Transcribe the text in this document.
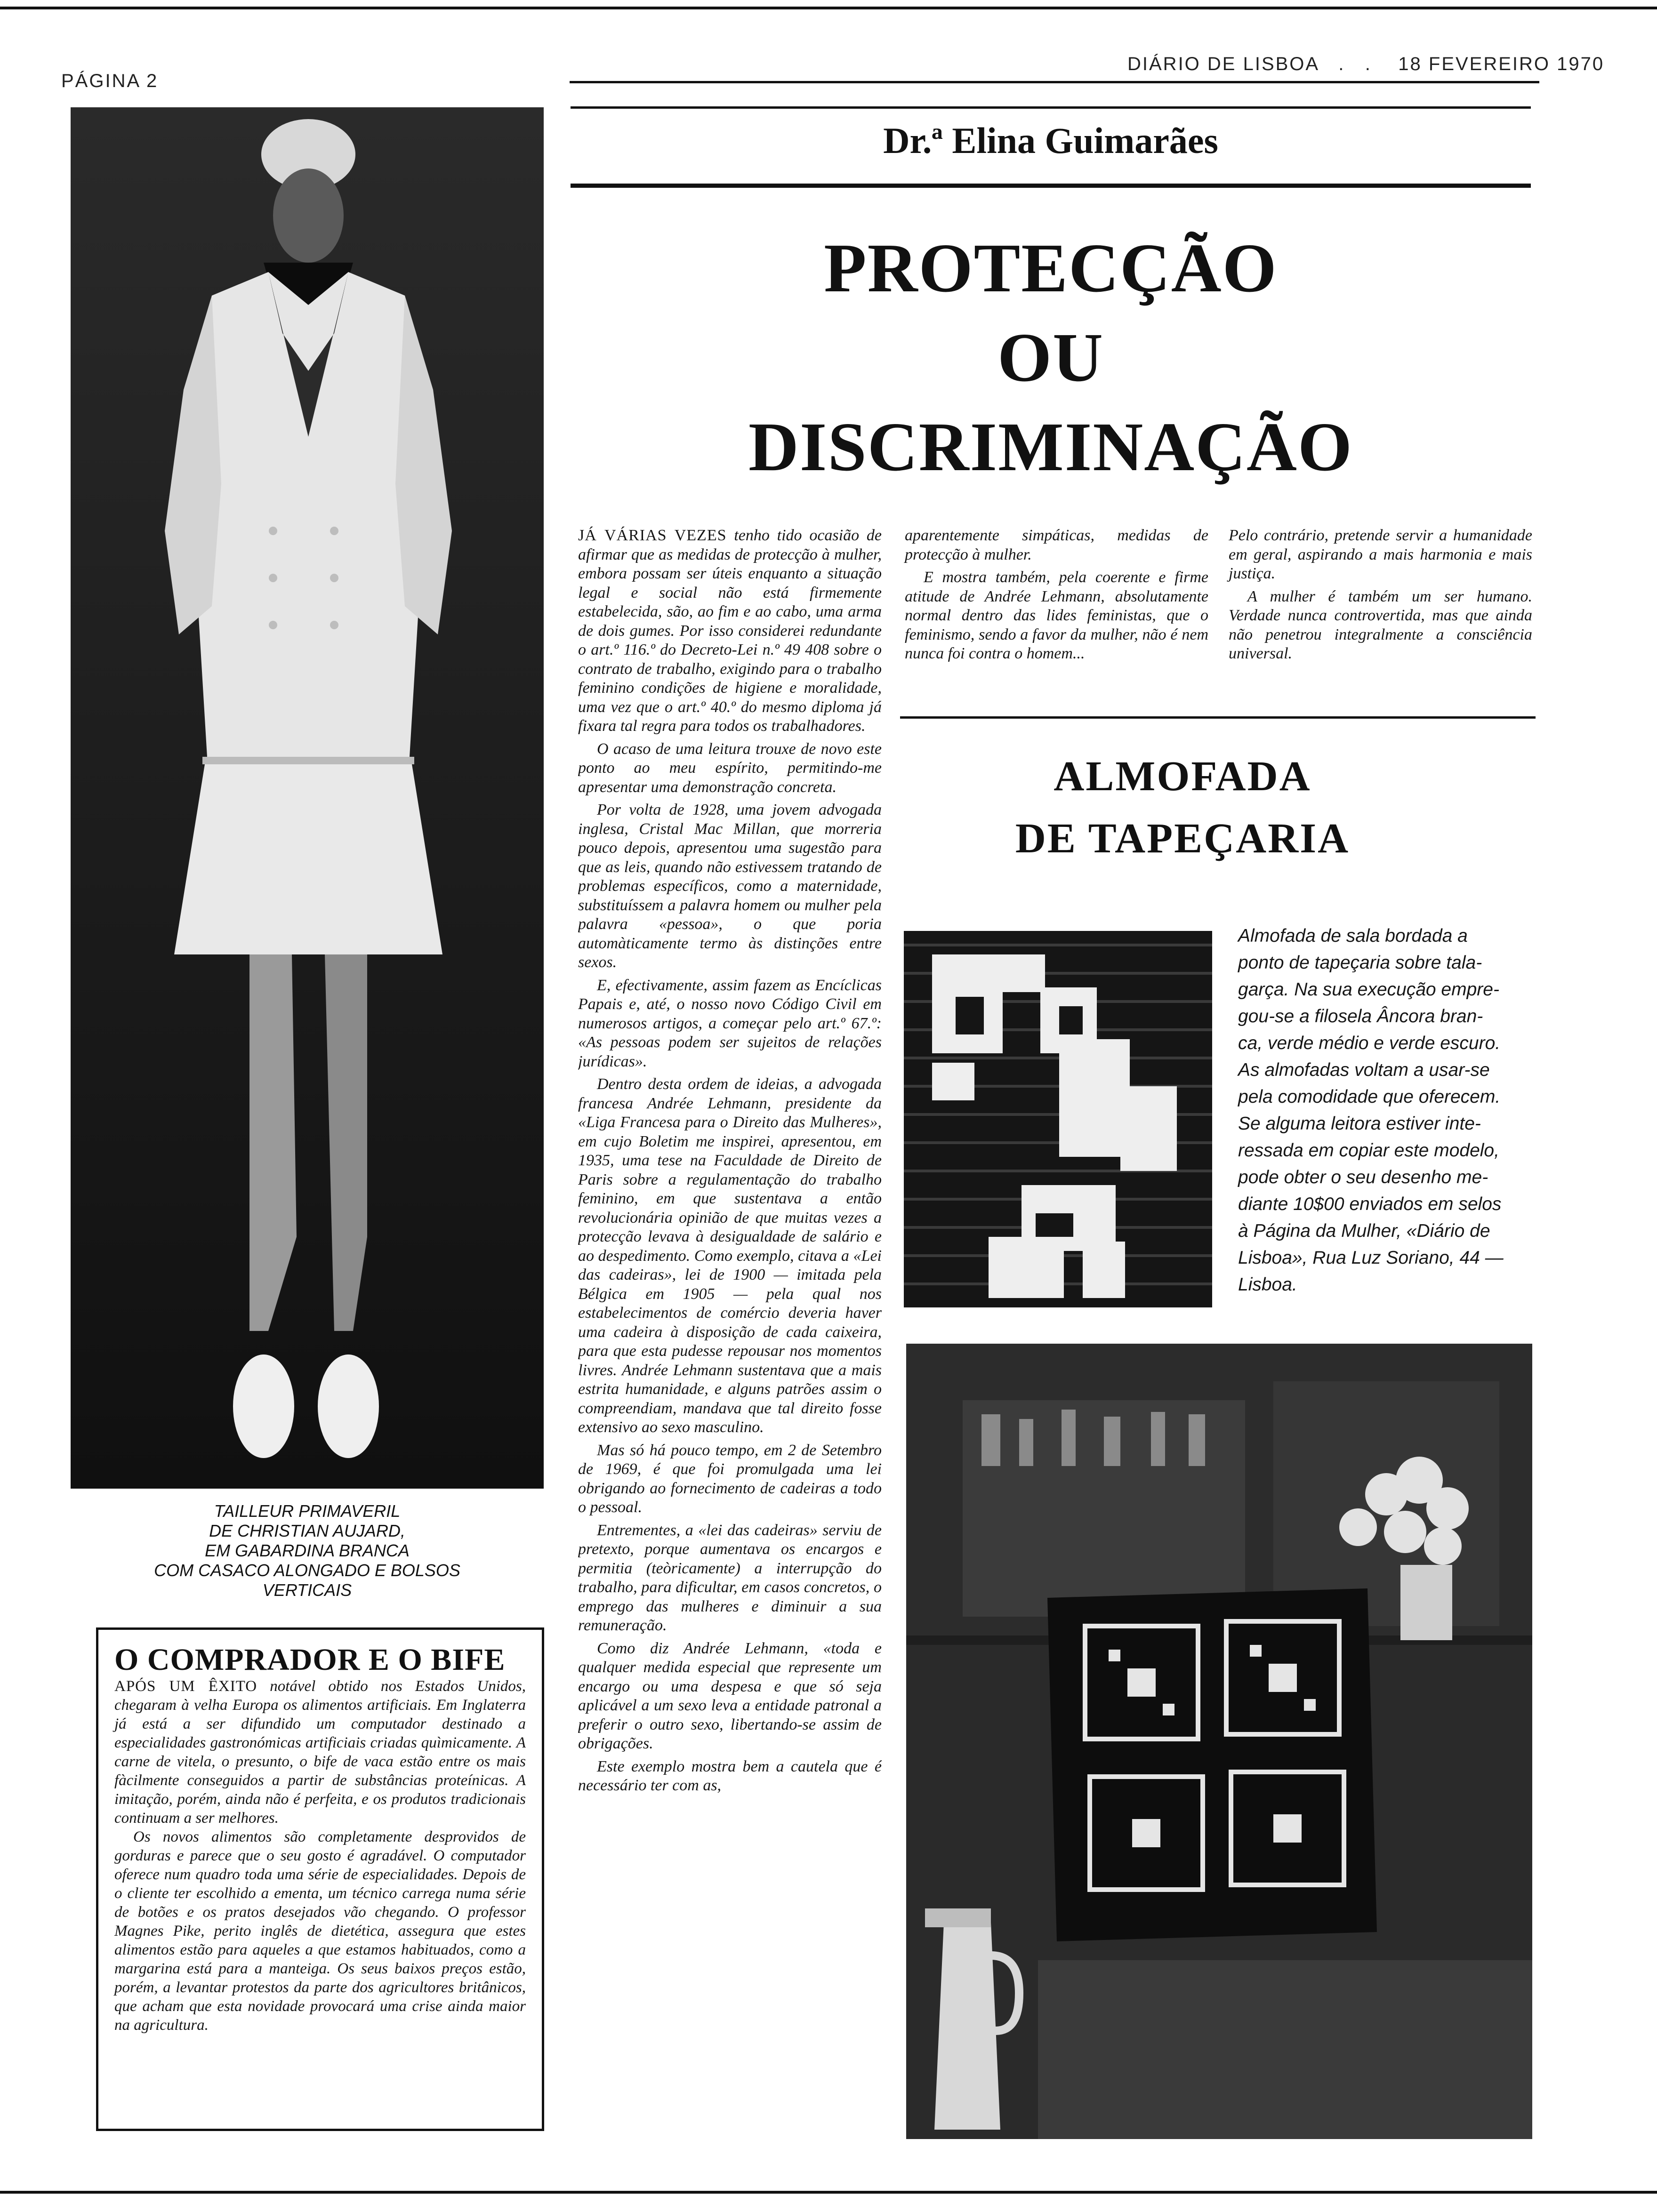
PÁGINA 2
DIÁRIO DE LISBOA   .   .    18 FEVEREIRO 1970
TAILLEUR PRIMAVERIL
DE CHRISTIAN AUJARD,
EM GABARDINA BRANCA
COM CASACO ALONGADO E BOLSOS
VERTICAIS
O COMPRADOR E O BIFE

APÓS UM ÊXITO notável obtido nos Estados Unidos, chegaram à velha Europa os alimentos artificiais. Em Inglaterra já está a ser difundido um computador destinado a especialidades gastronómicas artificiais criadas quìmicamente. A carne de vitela, o presunto, o bife de vaca estão entre os mais fàcilmente conseguidos a partir de substâncias proteínicas. A imitação, porém, ainda não é perfeita, e os produtos tradicionais continuam a ser melhores.

Os novos alimentos são completamente desprovidos de gorduras e parece que o seu gosto é agradável. O computador oferece num quadro toda uma série de especialidades. Depois de o cliente ter escolhido a ementa, um técnico carrega numa série de botões e os pratos desejados vão chegando. O professor Magnes Pike, perito inglês de dietética, assegura que estes alimentos estão para aqueles a que estamos habituados, como a margarina está para a manteiga. Os seus baixos preços estão, porém, a levantar protestos da parte dos agricultores britânicos, que acham que esta novidade provocará uma crise ainda maior na agricultura.

Dr.ª Elina Guimarães
PROTECÇÃO
OU
DISCRIMINAÇÃO

JÁ VÁRIAS VEZES tenho tido ocasião de afirmar que as medidas de protecção à mulher, embora possam ser úteis enquanto a situação legal e social não está firmemente estabelecida, são, ao fim e ao cabo, uma arma de dois gumes. Por isso considerei redundante o art.º 116.º do Decreto-Lei n.º 49 408 sobre o contrato de trabalho, exigindo para o trabalho feminino condições de higiene e moralidade, uma vez que o art.º 40.º do mesmo diploma já fixara tal regra para todos os trabalhadores.

O acaso de uma leitura trouxe de novo este ponto ao meu espírito, permitindo-me apresentar uma demonstração concreta.

Por volta de 1928, uma jovem advogada inglesa, Cristal Mac Millan, que morreria pouco depois, apresentou uma sugestão para que as leis, quando não estivessem tratando de problemas específicos, como a maternidade, substituíssem a palavra homem ou mulher pela palavra «pessoa», o que poria automàticamente termo às distinções entre sexos.

E, efectivamente, assim fazem as Encíclicas Papais e, até, o nosso novo Código Civil em numerosos artigos, a começar pelo art.º 67.º: «As pessoas podem ser sujeitos de relações jurídicas».

Dentro desta ordem de ideias, a advogada francesa Andrée Lehmann, presidente da «Liga Francesa para o Direito das Mulheres», em cujo Boletim me inspirei, apresentou, em 1935, uma tese na Faculdade de Direito de Paris sobre a regulamentação do trabalho feminino, em que sustentava a então revolucionária opinião de que muitas vezes a protecção levava à desigualdade de salário e ao despedimento. Como exemplo, citava a «Lei das cadeiras», lei de 1900 — imitada pela Bélgica em 1905 — pela qual nos estabelecimentos de comércio deveria haver uma cadeira à disposição de cada caixeira, para que esta pudesse repousar nos momentos livres. Andrée Lehmann sustentava que a mais estrita humanidade, e alguns patrões assim o compreendiam, mandava que tal direito fosse extensivo ao sexo masculino.

Mas só há pouco tempo, em 2 de Setembro de 1969, é que foi promulgada uma lei obrigando ao fornecimento de cadeiras a todo o pessoal.

Entrementes, a «lei das cadeiras» serviu de pretexto, porque aumentava os encargos e permitia (teòricamente) a interrupção do trabalho, para dificultar, em casos concretos, o emprego das mulheres e diminuir a sua remuneração.

Como diz Andrée Lehmann, «toda e qualquer medida especial que represente um encargo ou uma despesa e que só seja aplicável a um sexo leva a entidade patronal a preferir o outro sexo, libertando-se assim de obrigações.

Este exemplo mostra bem a cautela que é necessário ter com as,

aparentemente simpáticas, medidas de protecção à mulher.

E mostra também, pela coerente e firme atitude de Andrée Lehmann, absolutamente normal dentro das lides feministas, que o feminismo, sendo a favor da mulher, não é nem nunca foi contra o homem...

Pelo contrário, pretende servir a humanidade em geral, aspirando a mais harmonia e mais justiça.

A mulher é também um ser humano. Verdade nunca controvertida, mas que ainda não penetrou integralmente a consciência universal.

ALMOFADA
DE TAPEÇARIA
Almofada de sala bordada a
ponto de tapeçaria sobre tala-
garça. Na sua execução empre-
gou-se a filosela Âncora bran-
ca, verde médio e verde escuro.
As almofadas voltam a usar-se
pela comodidade que oferecem.
Se alguma leitora estiver inte-
ressada em copiar este modelo,
pode obter o seu desenho me-
diante 10$00 enviados em selos
à Página da Mulher, «Diário de
Lisboa», Rua Luz Soriano, 44 —
Lisboa.
